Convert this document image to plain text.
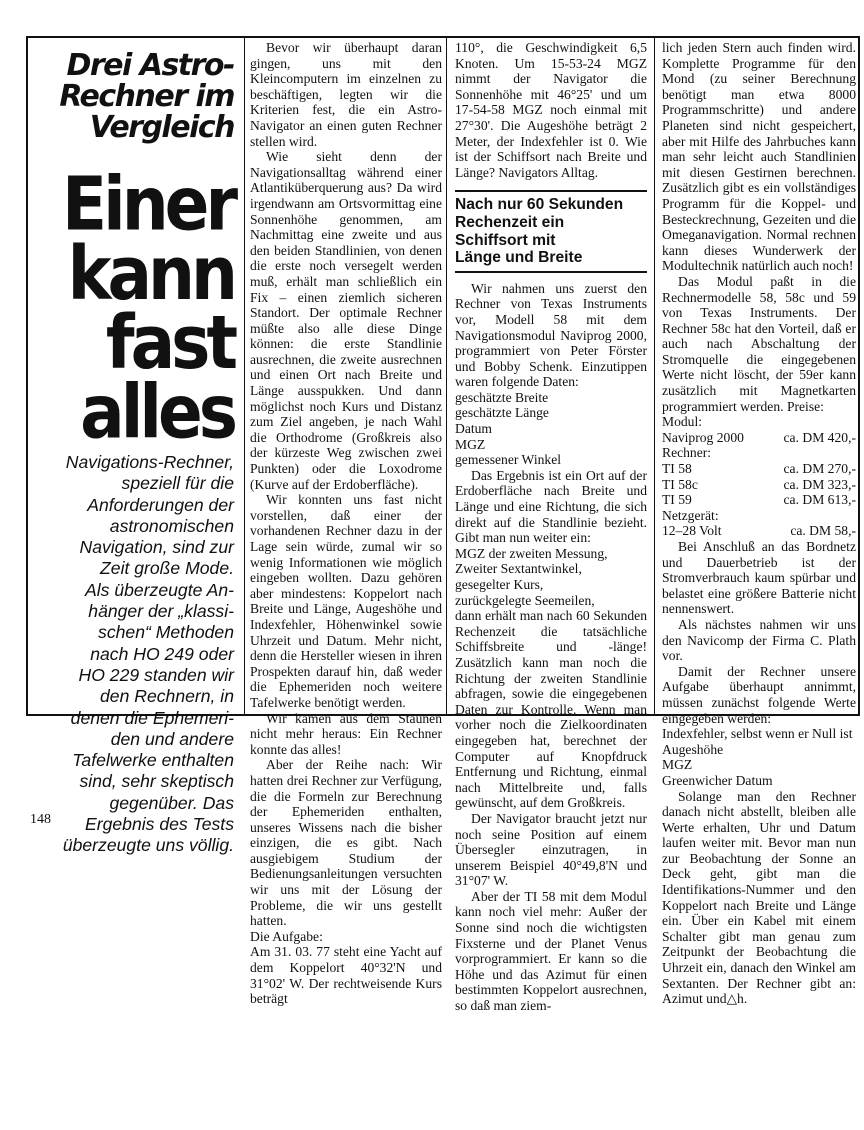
Drei Astro-
Rechner im
Vergleich
Einer
kann
fast
alles
Navigations-Rechner,
speziell für die
Anforderungen der
astronomischen
Navigation, sind zur
Zeit große Mode.
Als überzeugte An-
hänger der „klassi-
schen“ Methoden
nach HO 249 oder
HO 229 standen wir
den Rechnern, in
denen die Ephemeri-
den und andere
Tafelwerke enthalten
sind, sehr skeptisch
gegenüber. Das
Ergebnis des Tests
überzeugte uns völlig.

Bevor wir überhaupt daran gingen, uns mit den Kleincomputern im einzelnen zu beschäftigen, legten wir die Kriterien fest, die ein Astro-Navigator an einen guten Rechner stellen wird.

Wie sieht denn der Navigationsalltag während einer Atlantiküberquerung aus? Da wird irgendwann am Ortsvormittag eine Sonnenhöhe genommen, am Nachmittag eine zweite und aus den beiden Standlinien, von denen die erste noch versegelt werden muß, erhält man schließlich ein Fix – einen ziemlich sicheren Standort. Der optimale Rechner müßte also alle diese Dinge können: die erste Standlinie ausrechnen, die zweite ausrechnen und einen Ort nach Breite und Länge ausspukken. Und dann möglichst noch Kurs und Distanz zum Ziel angeben, je nach Wahl die Orthodrome (Großkreis also der kürzeste Weg zwischen zwei Punkten) oder die Loxodrome (Kurve auf der Erdoberfläche).

Wir konnten uns fast nicht vorstellen, daß einer der vorhandenen Rechner dazu in der Lage sein würde, zumal wir so wenig Informationen wie möglich eingeben wollten. Dazu gehören aber mindestens: Koppelort nach Breite und Länge, Augeshöhe und Indexfehler, Höhenwinkel sowie Uhrzeit und Datum. Mehr nicht, denn die Hersteller wiesen in ihren Prospekten darauf hin, daß weder die Ephemeriden noch weitere Tafelwerke benötigt werden.

Wir kamen aus dem Staunen nicht mehr heraus: Ein Rechner konnte das alles!

Aber der Reihe nach: Wir hatten drei Rechner zur Verfügung, die die Formeln zur Berechnung der Ephemeriden enthalten, unseres Wissens nach die bisher einzigen, die es gibt. Nach ausgiebigem Studium der Bedienungsanleitungen versuchten wir uns mit der Lösung der Probleme, die wir uns gestellt hatten.

Die Aufgabe:

Am 31. 03. 77 steht eine Yacht auf dem Koppelort 40°32'N und 31°02' W. Der rechtweisende Kurs beträgt

110°, die Geschwindigkeit 6,5 Knoten. Um 15-53-24 MGZ nimmt der Navigator die Sonnenhöhe mit 46°25' und um 17-54-58 MGZ noch einmal mit 27°30'. Die Augeshöhe beträgt 2 Meter, der Indexfehler ist 0. Wie ist der Schiffsort nach Breite und Länge? Navigators Alltag.

Nach nur 60 Sekunden
Rechenzeit ein
Schiffsort mit
Länge und Breite

Wir nahmen uns zuerst den Rechner von Texas Instruments vor, Modell 58 mit dem Navigationsmodul Naviprog 2000, programmiert von Peter Förster und Bobby Schenk. Einzutippen waren folgende Daten:

geschätzte Breite
geschätzte Länge
Datum
MGZ
gemessener Winkel

Das Ergebnis ist ein Ort auf der Erdoberfläche nach Breite und Länge und eine Richtung, die sich direkt auf die Standlinie bezieht. Gibt man nun weiter ein:

MGZ der zweiten Messung,
Zweiter Sextantwinkel,
gesegelter Kurs,
zurückgelegte Seemeilen,

dann erhält man nach 60 Sekunden Rechenzeit die tatsächliche Schiffsbreite und -länge! Zusätzlich kann man noch die Richtung der zweiten Standlinie abfragen, sowie die eingegebenen Daten zur Kontrolle. Wenn man vorher noch die Zielkoordinaten eingegeben hat, berechnet der Computer auf Knopfdruck Entfernung und Richtung, einmal nach Mittelbreite und, falls gewünscht, auf dem Großkreis.

Der Navigator braucht jetzt nur noch seine Position auf einem Übersegler einzutragen, in unserem Beispiel 40°49,8'N und 31°07' W.

Aber der TI 58 mit dem Modul kann noch viel mehr: Außer der Sonne sind noch die wichtigsten Fixsterne und der Planet Venus vorprogrammiert. Er kann so die Höhe und das Azimut für einen bestimmten Koppelort ausrechnen, so daß man ziem-

lich jeden Stern auch finden wird. Komplette Programme für den Mond (zu seiner Berechnung benötigt man etwa 8000 Programmschritte) und andere Planeten sind nicht gespeichert, aber mit Hilfe des Jahrbuches kann man sehr leicht auch Standlinien mit diesen Gestirnen berechnen. Zusätzlich gibt es ein vollständiges Programm für die Koppel- und Besteckrechnung, Gezeiten und die Omeganavigation. Normal rechnen kann dieses Wunderwerk der Modultechnik natürlich auch noch!

Das Modul paßt in die Rechnermodelle 58, 58c und 59 von Texas Instruments. Der Rechner 58c hat den Vorteil, daß er auch nach Abschaltung der Stromquelle die eingegebenen Werte nicht löscht, der 59er kann zusätzlich mit Magnetkarten programmiert werden. Preise:

Modul:
Naviprog 2000	ca. DM 420,-
Rechner:
TI 58	ca. DM 270,-
TI 58c	ca. DM 323,-
TI 59	ca. DM 613,-
Netzgerät:
12–28 Volt	ca. DM 58,-

Bei Anschluß an das Bordnetz und Dauerbetrieb ist der Stromverbrauch kaum spürbar und belastet eine größere Batterie nicht nennenswert.

Als nächstes nahmen wir uns den Navicomp der Firma C. Plath vor.

Damit der Rechner unsere Aufgabe überhaupt annimmt, müssen zunächst folgende Werte eingegeben werden:

Indexfehler, selbst wenn er Null ist
Augeshöhe
MGZ
Greenwicher Datum

Solange man den Rechner danach nicht abstellt, bleiben alle Werte erhalten, Uhr und Datum laufen weiter mit. Bevor man nun zur Beobachtung der Sonne an Deck geht, gibt man die Identifikations-Nummer und den Koppelort nach Breite und Länge ein. Über ein Kabel mit einem Schalter gibt man genau zum Zeitpunkt der Beobachtung die Uhrzeit ein, danach den Winkel am Sextanten. Der Rechner gibt an: Azimut und△h.

148
